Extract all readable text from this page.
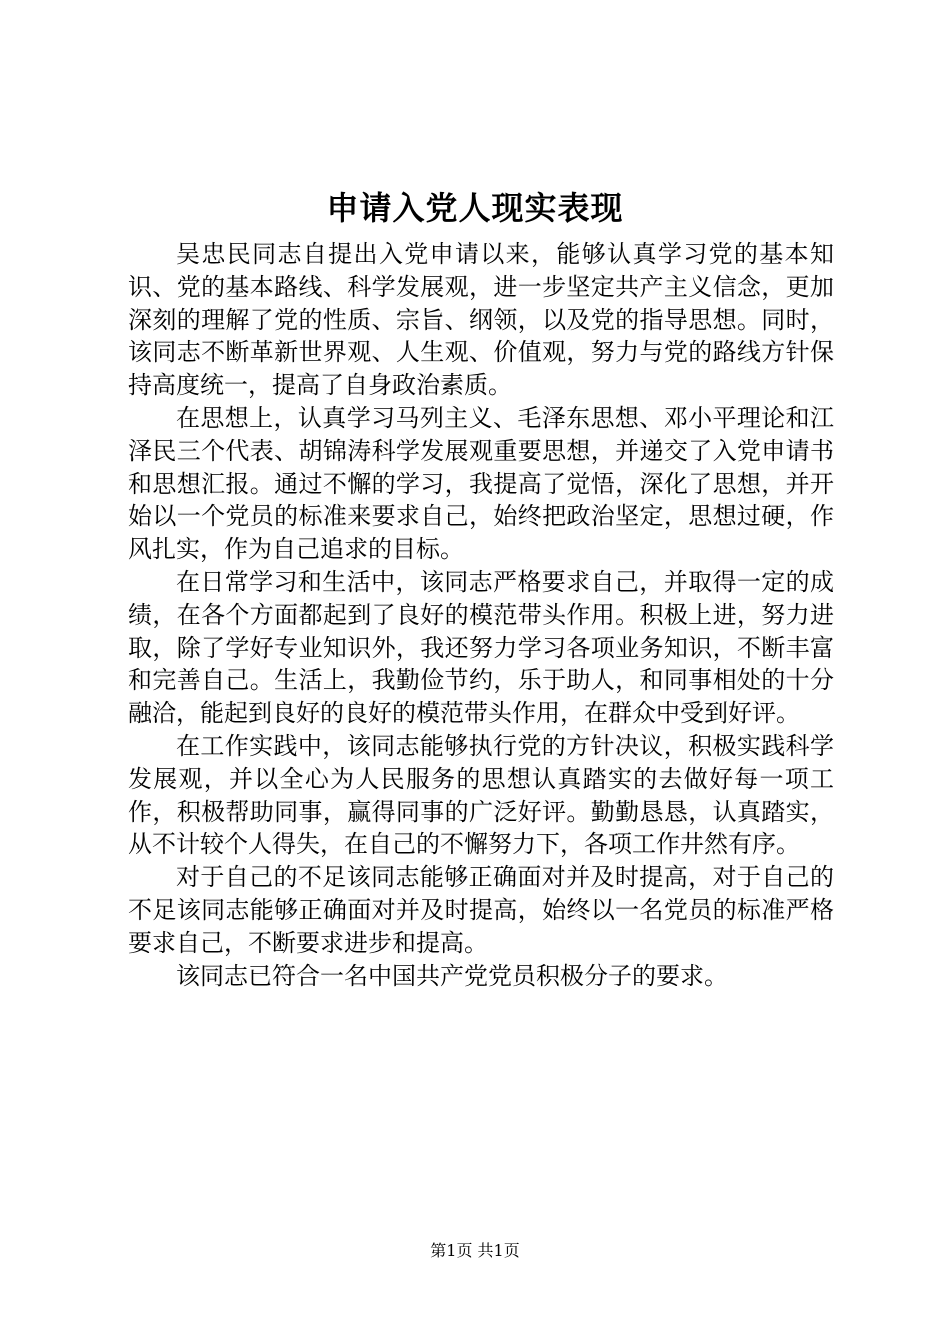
申请入党人现实表现

吴忠民同志自提出入党申请以来，能够认真学习党的基本知识、党的基本路线、科学发展观，进一步坚定共产主义信念，更加深刻的理解了党的性质、宗旨、纲领，以及党的指导思想。同时，该同志不断革新世界观、人生观、价值观，努力与党的路线方针保持高度统一，提高了自身政治素质。

在思想上，认真学习马列主义、毛泽东思想、邓小平理论和江泽民三个代表、胡锦涛科学发展观重要思想，并递交了入党申请书和思想汇报。通过不懈的学习，我提高了觉悟，深化了思想，并开始以一个党员的标准来要求自己，始终把政治坚定，思想过硬，作风扎实，作为自己追求的目标。

在日常学习和生活中，该同志严格要求自己，并取得一定的成绩，在各个方面都起到了良好的模范带头作用。积极上进，努力进取，除了学好专业知识外，我还努力学习各项业务知识，不断丰富和完善自己。生活上，我勤俭节约，乐于助人，和同事相处的十分融洽，能起到良好的良好的模范带头作用，在群众中受到好评。

在工作实践中，该同志能够执行党的方针决议，积极实践科学发展观，并以全心为人民服务的思想认真踏实的去做好每一项工作，积极帮助同事，赢得同事的广泛好评。勤勤恳恳，认真踏实，从不计较个人得失，在自己的不懈努力下，各项工作井然有序。

对于自己的不足该同志能够正确面对并及时提高，对于自己的不足该同志能够正确面对并及时提高，始终以一名党员的标准严格要求自己，不断要求进步和提高。

该同志已符合一名中国共产党党员积极分子的要求。

第1页 共1页
